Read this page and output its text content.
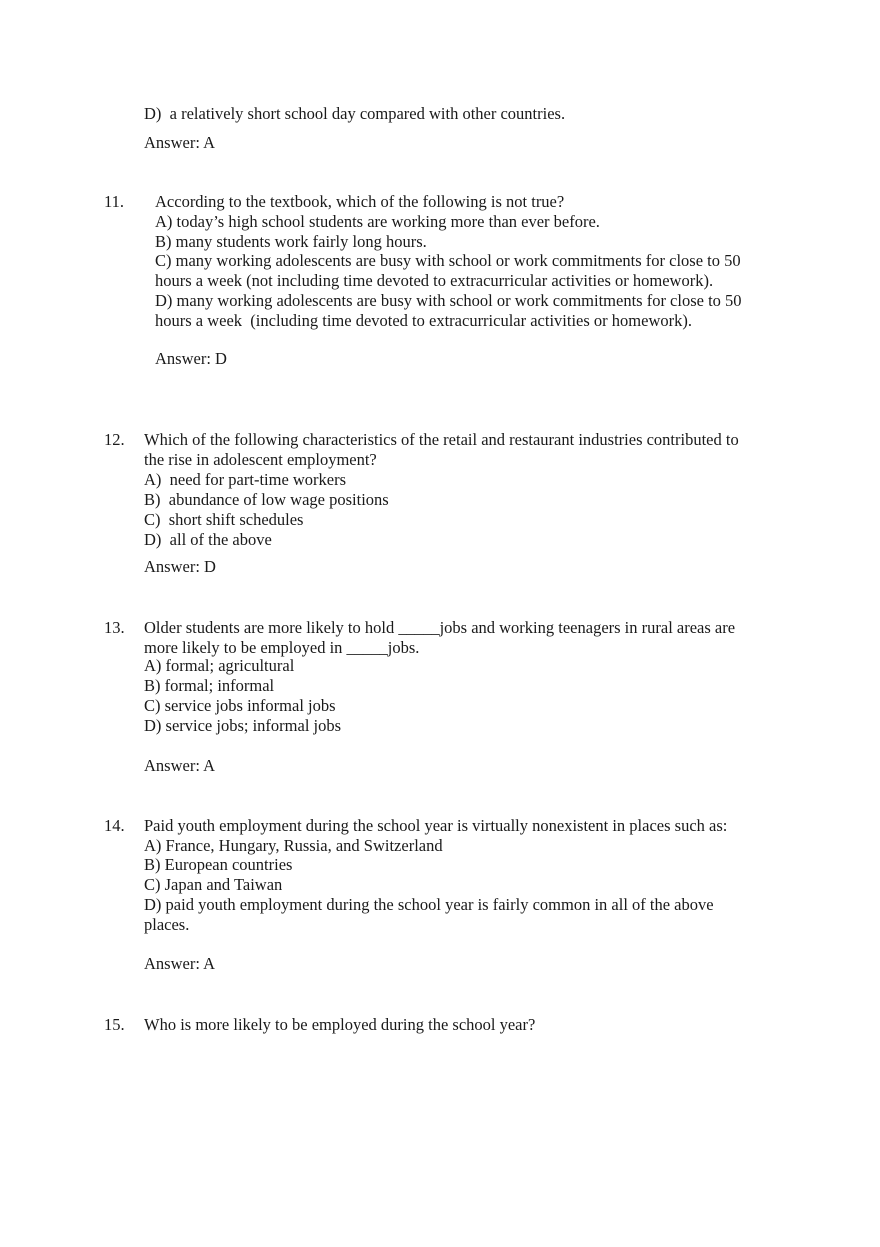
D)  a relatively short school day compared with other countries.
Answer: A
11. According to the textbook, which of the following is not true?
A) today’s high school students are working more than ever before.
B) many students work fairly long hours.
C) many working adolescents are busy with school or work commitments for close to 50
hours a week (not including time devoted to extracurricular activities or homework).
D) many working adolescents are busy with school or work commitments for close to 50
hours a week  (including time devoted to extracurricular activities or homework).
Answer: D
12. Which of the following characteristics of the retail and restaurant industries contributed to
the rise in adolescent employment?
A)  need for part-time workers
B)  abundance of low wage positions
C)  short shift schedules
D)  all of the above
Answer: D
13. Older students are more likely to hold _____jobs and working teenagers in rural areas are
more likely to be employed in _____jobs.
A) formal; agricultural
B) formal; informal
C) service jobs informal jobs
D) service jobs; informal jobs
Answer: A
14. Paid youth employment during the school year is virtually nonexistent in places such as:
A) France, Hungary, Russia, and Switzerland
B) European countries
C) Japan and Taiwan
D) paid youth employment during the school year is fairly common in all of the above
places.
Answer: A
15. Who is more likely to be employed during the school year?
